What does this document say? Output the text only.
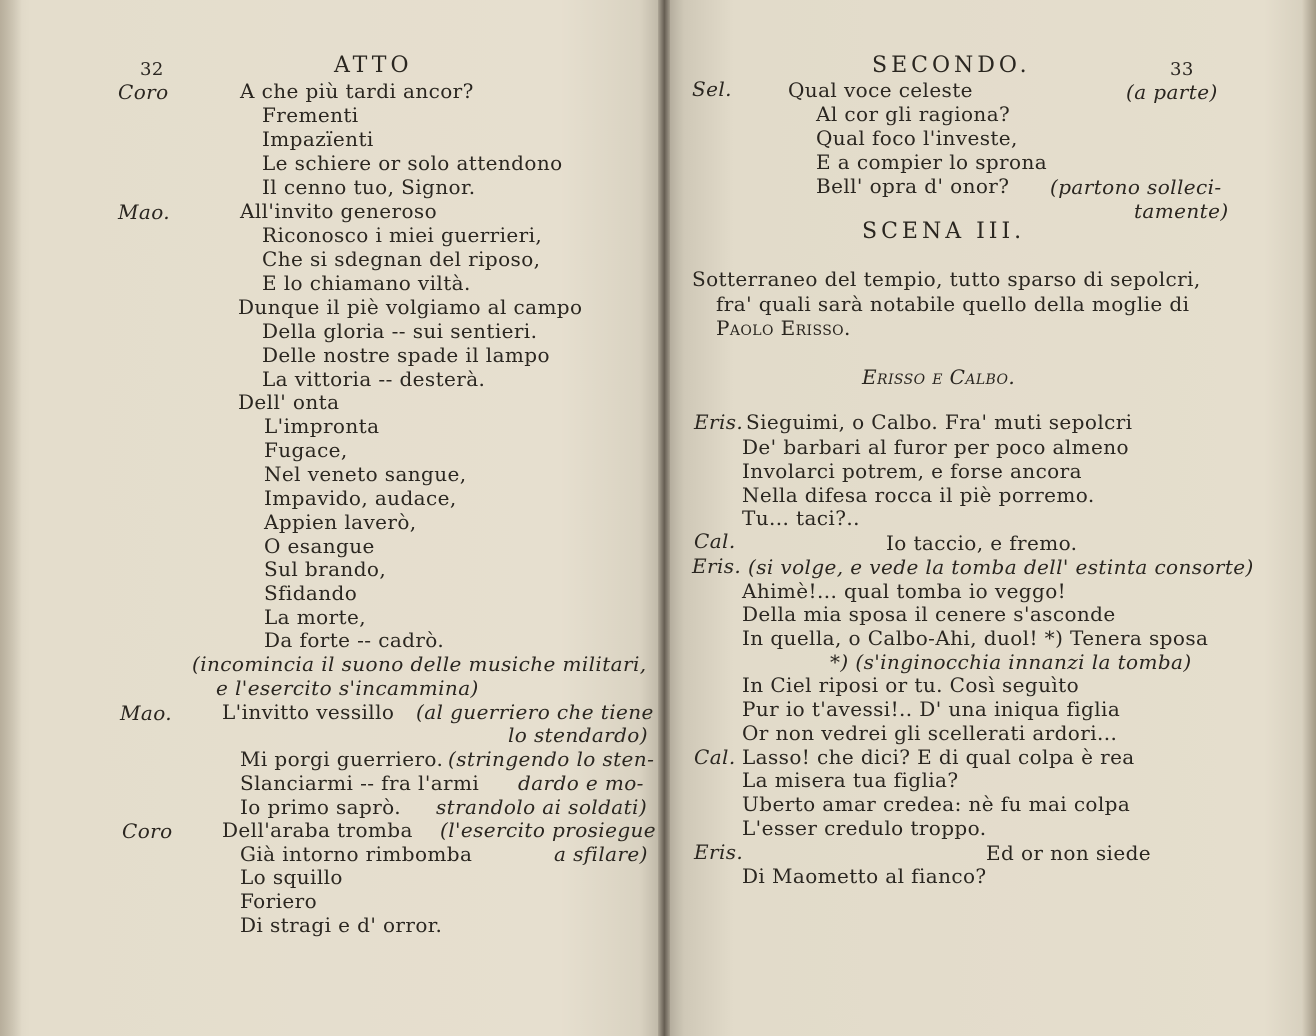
32	ATTO
Coro	A che più tardi ancor?
Frementi
Impazïenti
Le schiere or solo attendono
Il cenno tuo, Signor.
Mao.	All'invito generoso
Riconosco i miei guerrieri,
Che si sdegnan del riposo,
E lo chiamano viltà.
Dunque il piè volgiamo al campo
Della gloria -- sui sentieri.
Delle nostre spade il lampo
La vittoria -- desterà.
Dell' onta
L'impronta
Fugace,
Nel veneto sangue,
Impavido, audace,
Appien laverò,
O esangue
Sul brando,
Sfidando
La morte,
Da forte -- cadrò.
(incomincia il suono delle musiche militari,
e l'esercito s'incammina)
Mao. L'invitto vessillo (al guerriero che tiene
lo stendardo)
Mi porgi guerriero. (stringendo lo sten-
Slanciarmi -- fra l'armi dardo e mo-
Io primo saprò. strandolo ai soldati)
Coro Dell'araba tromba (l'esercito prosiegue
Già intorno rimbomba	a sfilare)
Lo squillo
Foriero
Di stragi e d' orror.
SECONDO.	33
Sel.	Qual voce celeste	(a parte)
Al cor gli ragiona?
Qual foco l'investe,
E a compier lo sprona
Bell' opra d' onor? (partono solleci-
tamente)
SCENA III.
Sotterraneo del tempio, tutto sparso di sepolcri,
fra' quali sarà notabile quello della moglie di
Paolo Erisso.
Erisso e Calbo.
Eris. Sieguimi, o Calbo. Fra' muti sepolcri
De' barbari al furor per poco almeno
Involarci potrem, e forse ancora
Nella difesa rocca il piè porremo.
Tu... taci?..
Cal.	Io taccio, e fremo.
Eris. (si volge, e vede la tomba dell' estinta consorte)
Ahimè!... qual tomba io veggo!
Della mia sposa il cenere s'asconde
In quella, o Calbo-Ahi, duol! *) Tenera sposa
*) (s'inginocchia innanzi la tomba)
In Ciel riposi or tu. Così seguìto
Pur io t'avessi!.. D' una iniqua figlia
Or non vedrei gli scellerati ardori...
Cal. Lasso! che dici? E di qual colpa è rea
La misera tua figlia?
Uberto amar credea: nè fu mai colpa
L'esser credulo troppo.
Eris.	Ed or non siede
Di Maometto al fianco?
